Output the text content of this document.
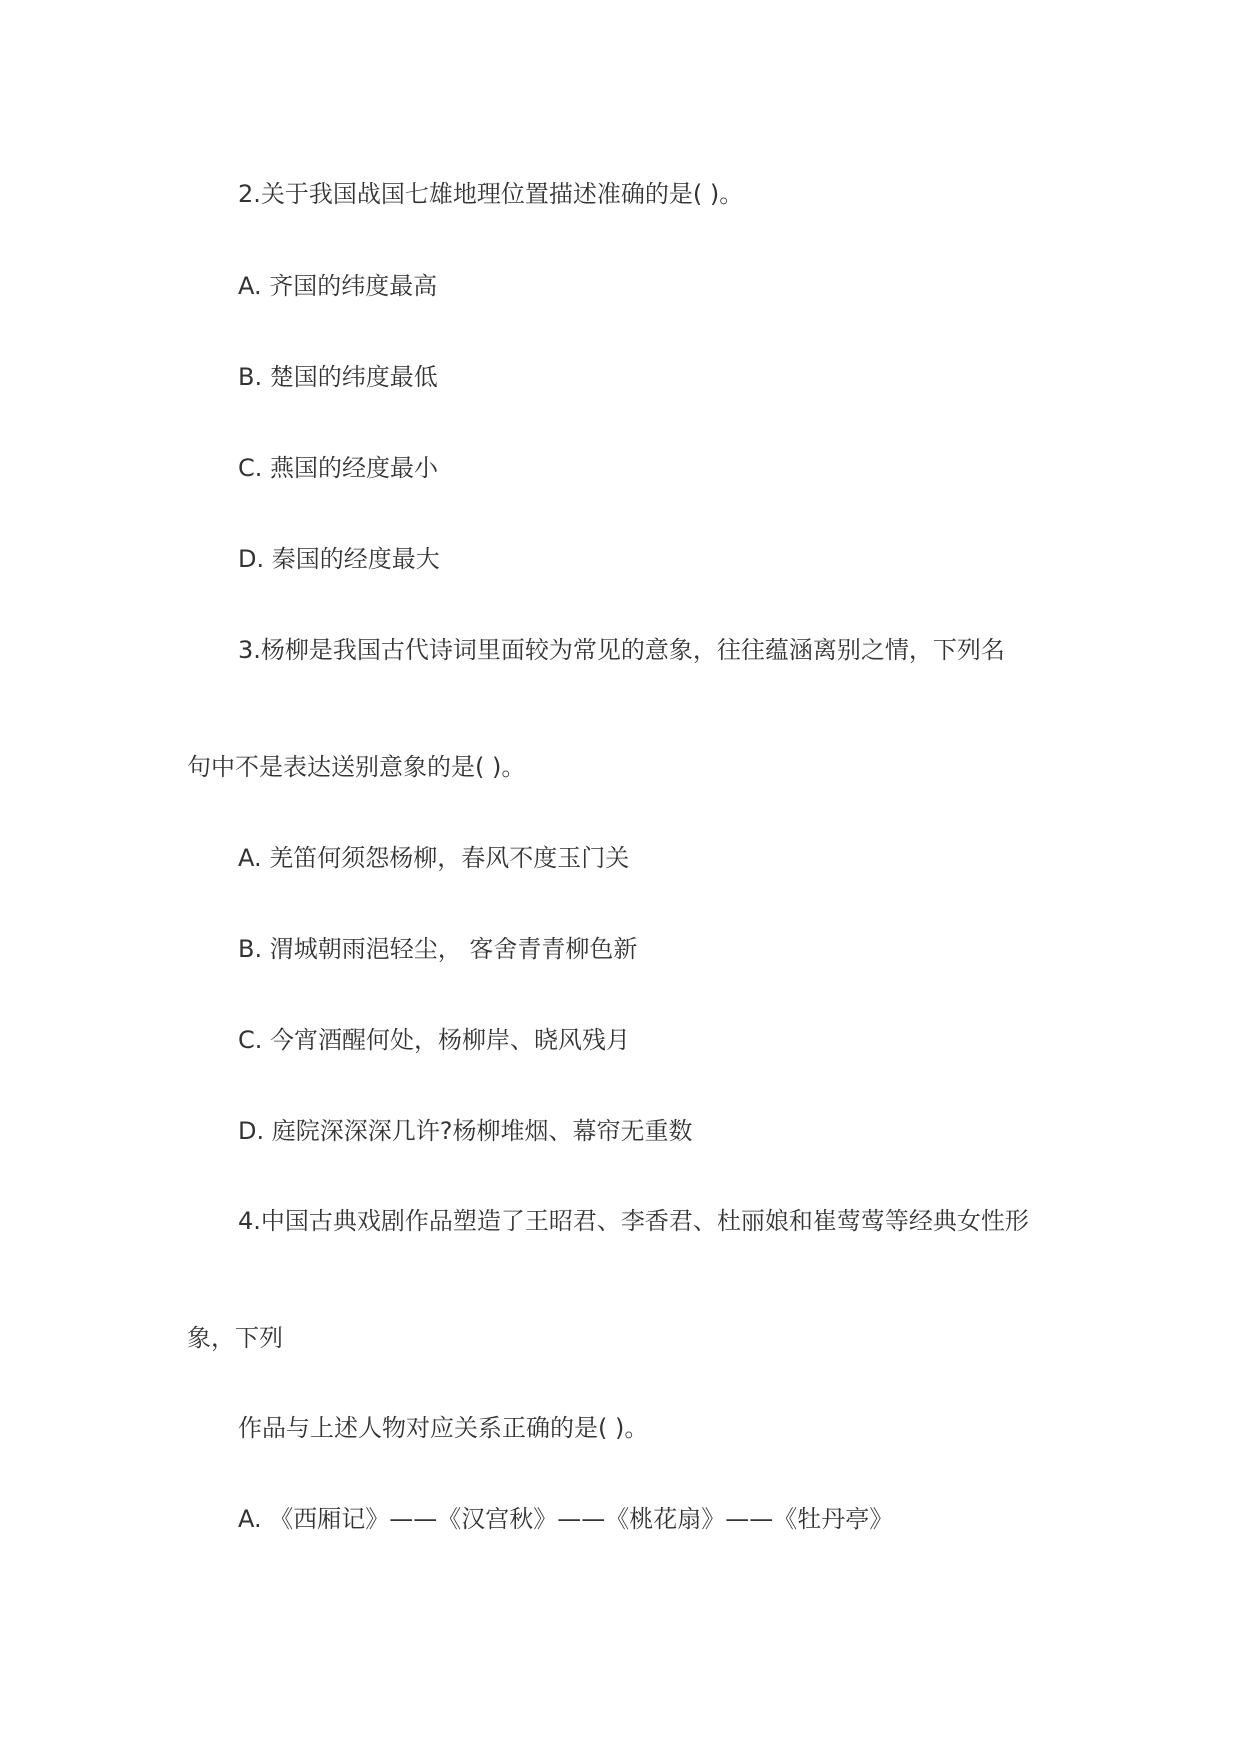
2.关于我国战国七雄地理位置描述准确的是( )。
A. 齐国的纬度最高
B. 楚国的纬度最低
C. 燕国的经度最小
D. 秦国的经度最大
3.杨柳是我国古代诗词里面较为常见的意象，往往蕴涵离别之情，下列名
句中不是表达送别意象的是( )。
A. 羌笛何须怨杨柳，春风不度玉门关
B. 渭城朝雨浥轻尘， 客舍青青柳色新
C. 今宵酒醒何处，杨柳岸、晓风残月
D. 庭院深深深几许?杨柳堆烟、幕帘无重数
4.中国古典戏剧作品塑造了王昭君、李香君、杜丽娘和崔莺莺等经典女性形
象，下列
作品与上述人物对应关系正确的是( )。
A. 《西厢记》——《汉宫秋》——《桃花扇》——《牡丹亭》
